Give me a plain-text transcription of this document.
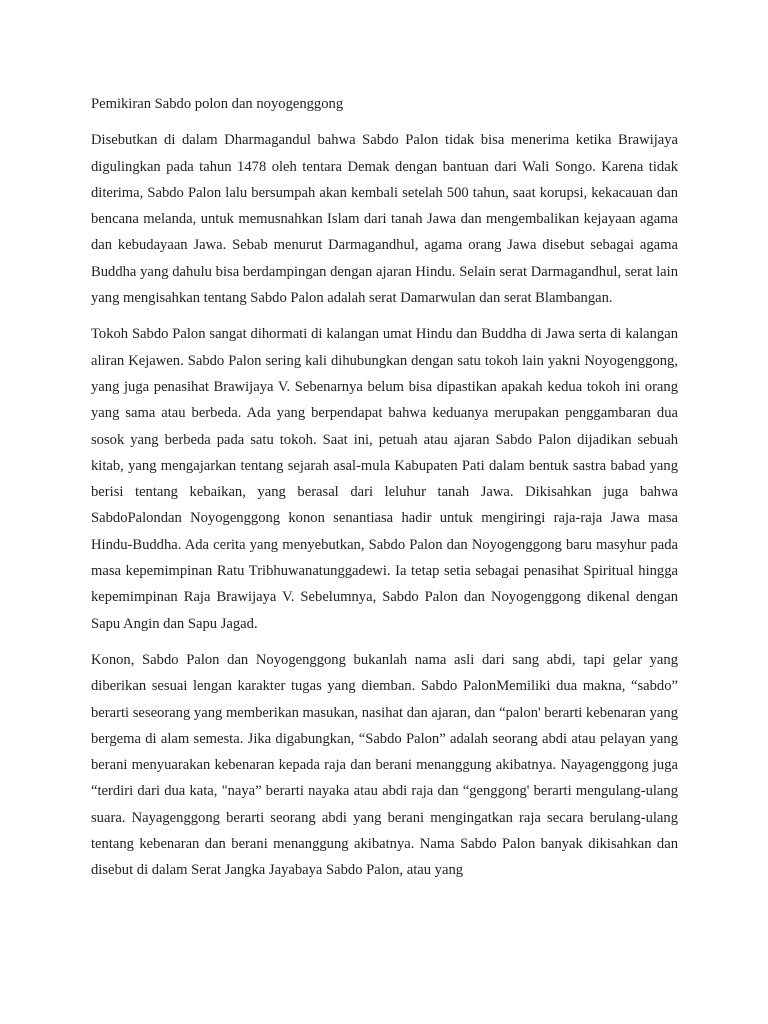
Pemikiran Sabdo polon dan noyogenggong

Disebutkan di dalam Dharmagandul bahwa Sabdo Palon tidak bisa menerima ketika Brawijaya digulingkan pada tahun 1478 oleh tentara Demak dengan bantuan dari Wali Songo. Karena tidak diterima, Sabdo Palon lalu bersumpah akan kembali setelah 500 tahun, saat korupsi, kekacauan dan bencana melanda, untuk memusnahkan Islam dari tanah Jawa dan mengembalikan kejayaan agama dan kebudayaan Jawa. Sebab menurut Darmagandhul, agama orang Jawa disebut sebagai agama Buddha yang dahulu bisa berdampingan dengan ajaran Hindu. Selain serat Darmagandhul, serat lain yang mengisahkan tentang Sabdo Palon adalah serat Damarwulan dan serat Blambangan.

Tokoh Sabdo Palon sangat dihormati di kalangan umat Hindu dan Buddha di Jawa serta di kalangan aliran Kejawen. Sabdo Palon sering kali dihubungkan dengan satu tokoh lain yakni Noyogenggong, yang juga penasihat Brawijaya V. Sebenarnya belum bisa dipastikan apakah kedua tokoh ini orang yang sama atau berbeda. Ada yang berpendapat bahwa keduanya merupakan penggambaran dua sosok yang berbeda pada satu tokoh. Saat ini, petuah atau ajaran Sabdo Palon dijadikan sebuah kitab, yang mengajarkan tentang sejarah asal-mula Kabupaten Pati dalam bentuk sastra babad yang berisi tentang kebaikan, yang berasal dari leluhur tanah Jawa. Dikisahkan juga bahwa SabdoPalondan Noyogenggong konon senantiasa hadir untuk mengiringi raja-raja Jawa masa Hindu-Buddha. Ada cerita yang menyebutkan, Sabdo Palon dan Noyogenggong baru masyhur pada masa kepemimpinan Ratu Tribhuwanatunggadewi. Ia tetap setia sebagai penasihat Spiritual hingga kepemimpinan Raja Brawijaya V. Sebelumnya, Sabdo Palon dan Noyogenggong dikenal dengan Sapu Angin dan Sapu Jagad.

Konon, Sabdo Palon dan Noyogenggong bukanlah nama asli dari sang abdi, tapi gelar yang diberikan sesuai lengan karakter tugas yang diemban. Sabdo PalonMemiliki dua makna, “sabdo” berarti seseorang yang memberikan masukan, nasihat dan ajaran, dan “palon' berarti kebenaran yang bergema di alam semesta. Jika digabungkan, “Sabdo Palon” adalah seorang abdi atau pelayan yang berani menyuarakan kebenaran kepada raja dan berani menanggung akibatnya. Nayagenggong juga “terdiri dari dua kata, "naya” berarti nayaka atau abdi raja dan “genggong' berarti mengulang-ulang suara. Nayagenggong berarti seorang abdi yang berani mengingatkan raja secara berulang-ulang tentang kebenaran dan berani menanggung akibatnya. Nama Sabdo Palon banyak dikisahkan dan disebut di dalam Serat Jangka Jayabaya Sabdo Palon, atau yang
